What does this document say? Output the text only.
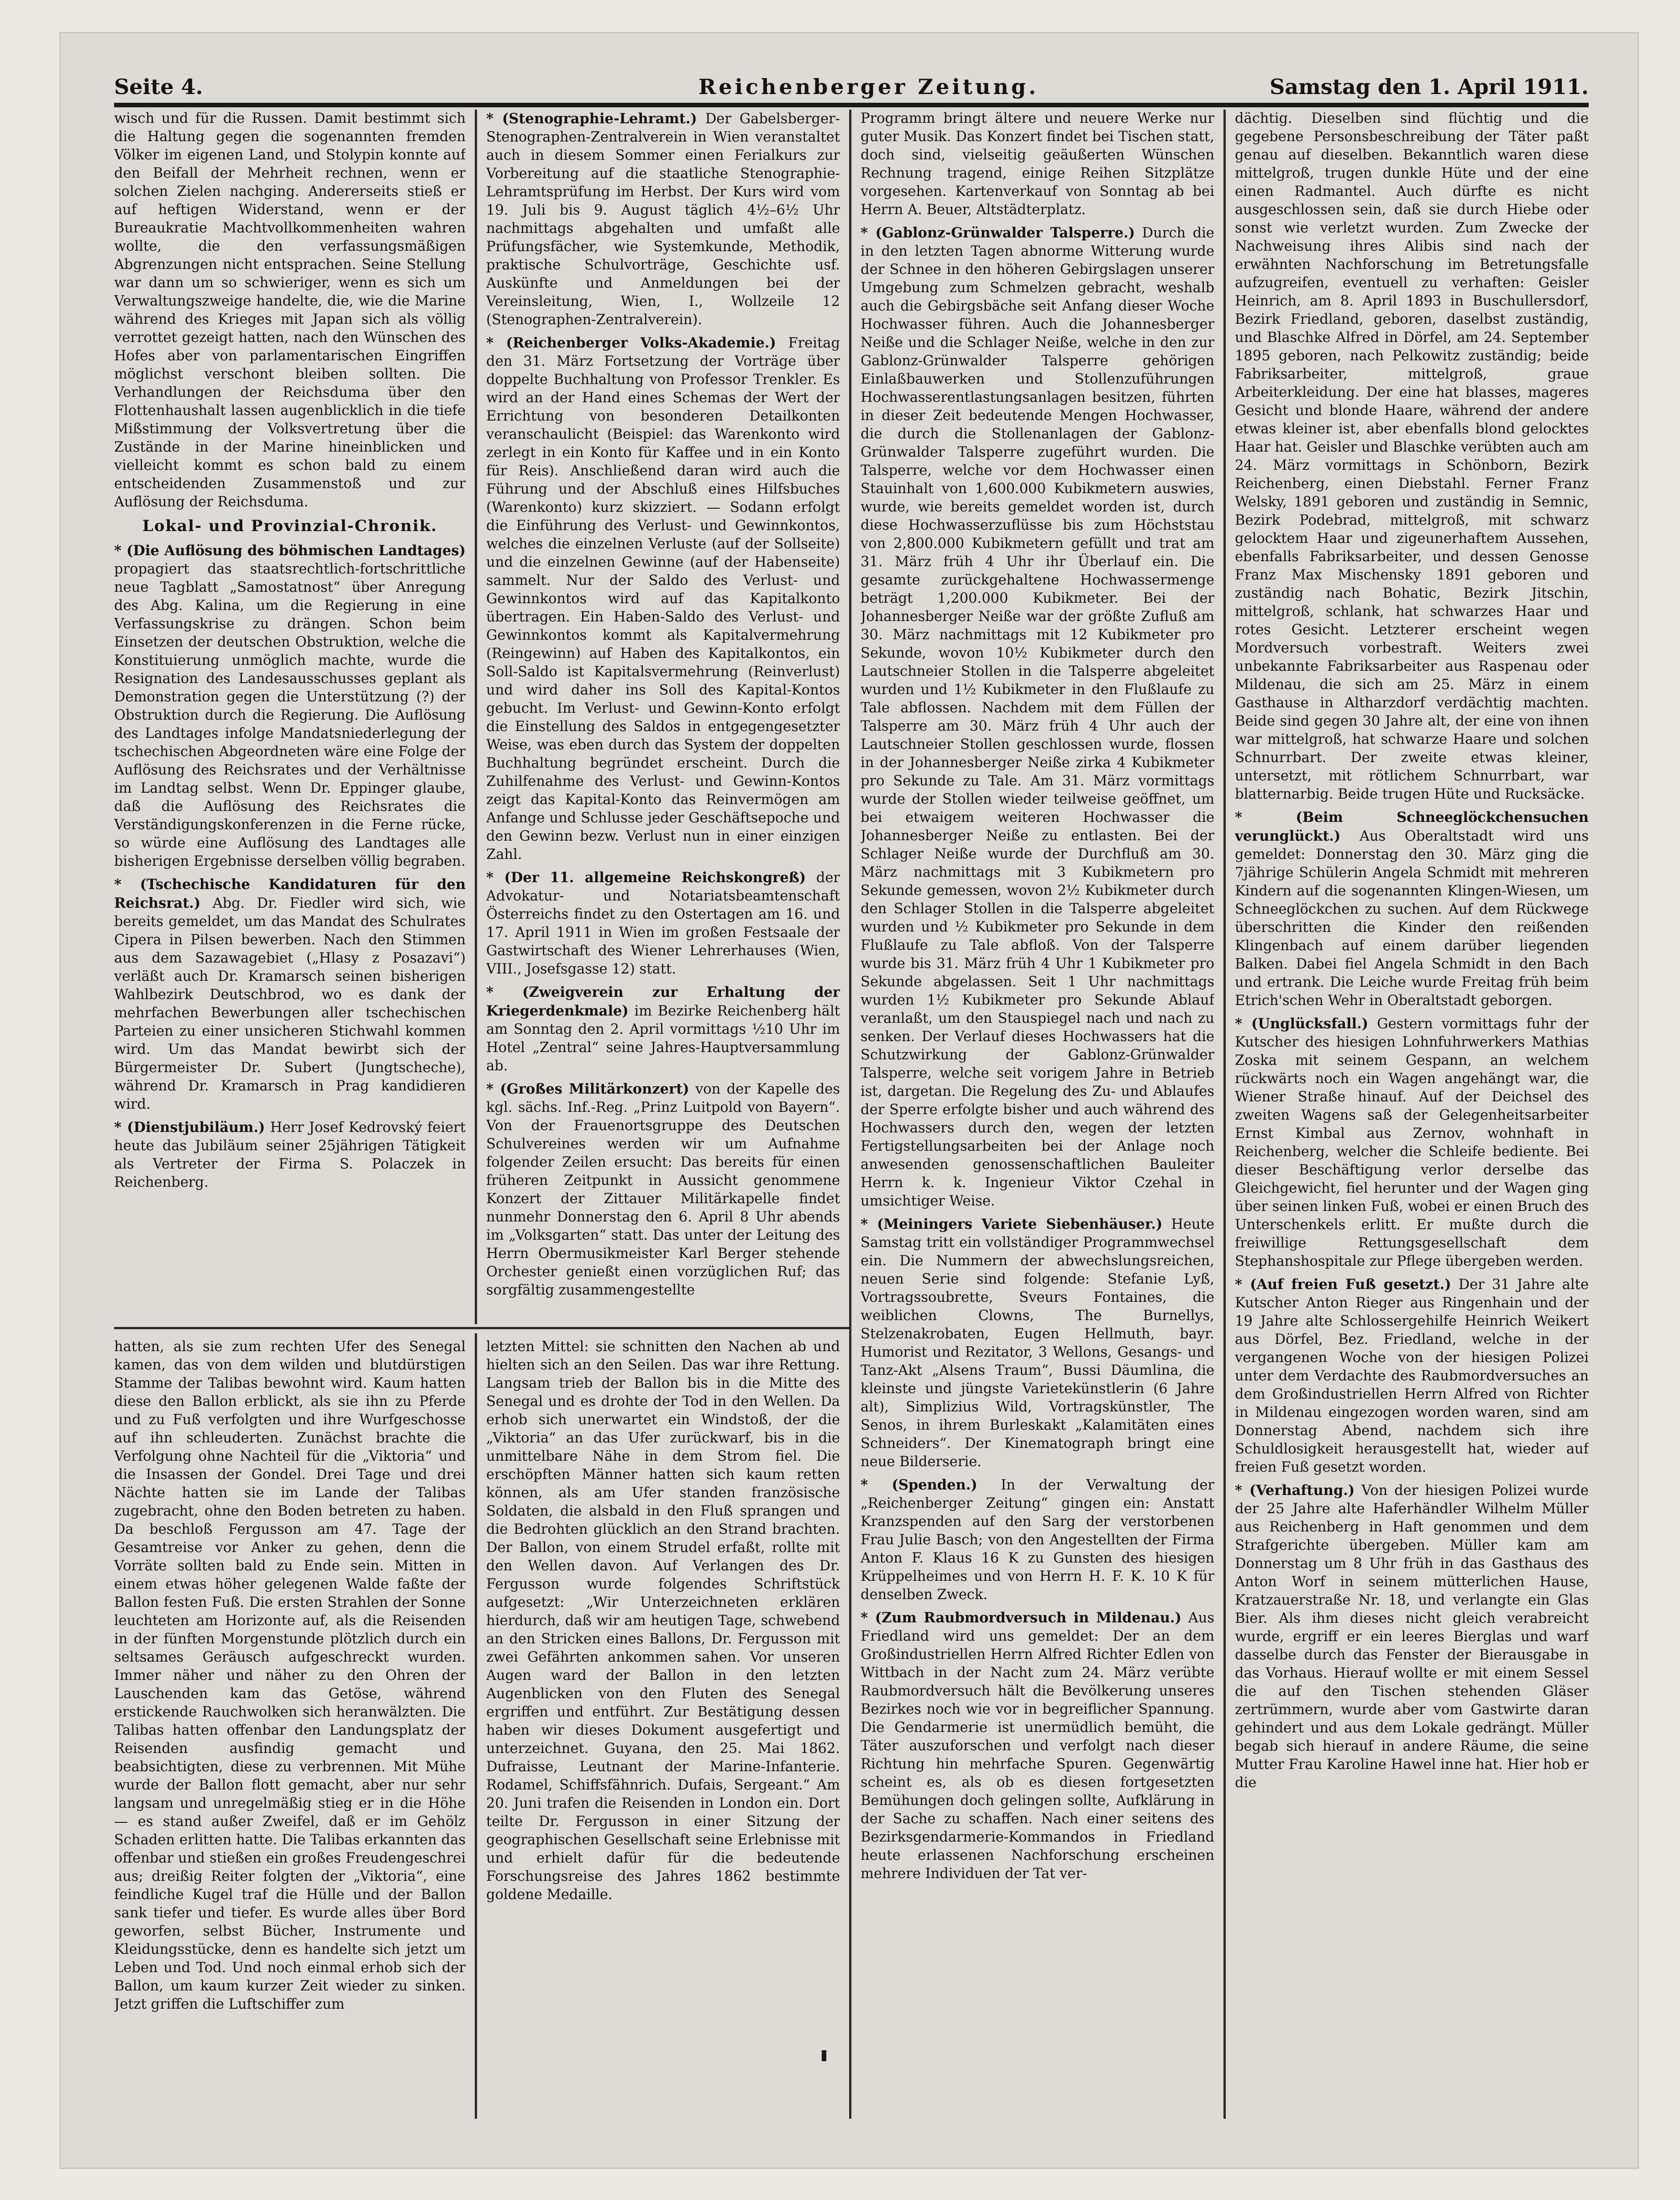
Seite 4.	Reichenberger Zeitung.	Samstag den 1. April 1911.

wisch und für die Russen. Damit bestimmt sich die Haltung gegen die sogenannten fremden Völker im eigenen Land, und Stolypin konnte auf den Beifall der Mehrheit rechnen, wenn er solchen Zielen nachging. Andererseits stieß er auf heftigen Widerstand, wenn er der Bureaukratie Machtvollkommenheiten wahren wollte, die den verfassungsmäßigen Abgrenzungen nicht entsprachen. Seine Stellung war dann um so schwieriger, wenn es sich um Verwaltungszweige handelte, die, wie die Marine während des Krieges mit Japan sich als völlig verrottet gezeigt hatten, nach den Wünschen des Hofes aber von parlamentarischen Eingriffen möglichst verschont bleiben sollten. Die Verhandlungen der Reichsduma über den Flottenhaushalt lassen augenblicklich in die tiefe Mißstimmung der Volksvertretung über die Zustände in der Marine hineinblicken und vielleicht kommt es schon bald zu einem entscheidenden Zusammenstoß und zur Auflösung der Reichsduma.

Lokal- und Provinzial-Chronik.

* (Die Auflösung des böhmischen Landtages) propagiert das staatsrechtlich-fortschrittliche neue Tagblatt „Samostatnost“ über Anregung des Abg. Kalina, um die Regierung in eine Verfassungskrise zu drängen. Schon beim Einsetzen der deutschen Obstruktion, welche die Konstituierung unmöglich machte, wurde die Resignation des Landesausschusses geplant als Demonstration gegen die Unterstützung (?) der Obstruktion durch die Regierung. Die Auflösung des Landtages infolge Mandatsniederlegung der tschechischen Abgeordneten wäre eine Folge der Auflösung des Reichsrates und der Verhältnisse im Landtag selbst. Wenn Dr. Eppinger glaube, daß die Auflösung des Reichsrates die Verständigungskonferenzen in die Ferne rücke, so würde eine Auflösung des Landtages alle bisherigen Ergebnisse derselben völlig begraben.

* (Tschechische Kandidaturen für den Reichsrat.) Abg. Dr. Fiedler wird sich, wie bereits gemeldet, um das Mandat des Schulrates Cipera in Pilsen bewerben. Nach den Stimmen aus dem Sazawagebiet („Hlasy z Posazavi“) verläßt auch Dr. Kramarsch seinen bisherigen Wahlbezirk Deutschbrod, wo es dank der mehrfachen Bewerbungen aller tschechischen Parteien zu einer unsicheren Stichwahl kommen wird. Um das Mandat bewirbt sich der Bürgermeister Dr. Subert (Jungtscheche), während Dr. Kramarsch in Prag kandidieren wird.

* (Dienstjubiläum.) Herr Josef Kedrovský feiert heute das Jubiläum seiner 25jährigen Tätigkeit als Vertreter der Firma S. Polaczek in Reichenberg.

* (Stenographie-Lehramt.) Der Gabelsberger-Stenographen-Zentralverein in Wien veranstaltet auch in diesem Sommer einen Ferialkurs zur Vorbereitung auf die staatliche Stenographie-Lehramtsprüfung im Herbst. Der Kurs wird vom 19. Juli bis 9. August täglich 4½–6½ Uhr nachmittags abgehalten und umfaßt alle Prüfungsfächer, wie Systemkunde, Methodik, praktische Schulvorträge, Geschichte usf. Auskünfte und Anmeldungen bei der Vereinsleitung, Wien, I., Wollzeile 12 (Stenographen-Zentralverein).

* (Reichenberger Volks-Akademie.) Freitag den 31. März Fortsetzung der Vorträge über doppelte Buchhaltung von Professor Trenkler. Es wird an der Hand eines Schemas der Wert der Errichtung von besonderen Detailkonten veranschaulicht (Beispiel: das Warenkonto wird zerlegt in ein Konto für Kaffee und in ein Konto für Reis). Anschließend daran wird auch die Führung und der Abschluß eines Hilfsbuches (Warenkonto) kurz skizziert. — Sodann erfolgt die Einführung des Verlust- und Gewinnkontos, welches die einzelnen Verluste (auf der Sollseite) und die einzelnen Gewinne (auf der Habenseite) sammelt. Nur der Saldo des Verlust- und Gewinnkontos wird auf das Kapitalkonto übertragen. Ein Haben-Saldo des Verlust- und Gewinnkontos kommt als Kapitalvermehrung (Reingewinn) auf Haben des Kapitalkontos, ein Soll-Saldo ist Kapitalsvermehrung (Reinverlust) und wird daher ins Soll des Kapital-Kontos gebucht. Im Verlust- und Gewinn-Konto erfolgt die Einstellung des Saldos in entgegengesetzter Weise, was eben durch das System der doppelten Buchhaltung begründet erscheint. Durch die Zuhilfenahme des Verlust- und Gewinn-Kontos zeigt das Kapital-Konto das Reinvermögen am Anfange und Schlusse jeder Geschäftsepoche und den Gewinn bezw. Verlust nun in einer einzigen Zahl.

* (Der 11. allgemeine Reichskongreß) der Advokatur- und Notariatsbeamtenschaft Österreichs findet zu den Ostertagen am 16. und 17. April 1911 in Wien im großen Festsaale der Gastwirtschaft des Wiener Lehrerhauses (Wien, VIII., Josefsgasse 12) statt.

* (Zweigverein zur Erhaltung der Kriegerdenkmale) im Bezirke Reichenberg hält am Sonntag den 2. April vormittags ½10 Uhr im Hotel „Zentral“ seine Jahres-Hauptversammlung ab.

* (Großes Militärkonzert) von der Kapelle des kgl. sächs. Inf.-Reg. „Prinz Luitpold von Bayern“. Von der Frauenortsgruppe des Deutschen Schulvereines werden wir um Aufnahme folgender Zeilen ersucht: Das bereits für einen früheren Zeitpunkt in Aussicht genommene Konzert der Zittauer Militärkapelle findet nunmehr Donnerstag den 6. April 8 Uhr abends im „Volksgarten“ statt. Das unter der Leitung des Herrn Obermusikmeister Karl Berger stehende Orchester genießt einen vorzüglichen Ruf; das sorgfältig zusammengestellte

Programm bringt ältere und neuere Werke nur guter Musik. Das Konzert findet bei Tischen statt, doch sind, vielseitig geäußerten Wünschen Rechnung tragend, einige Reihen Sitzplätze vorgesehen. Kartenverkauf von Sonntag ab bei Herrn A. Beuer, Altstädterplatz.

* (Gablonz-Grünwalder Talsperre.) Durch die in den letzten Tagen abnorme Witterung wurde der Schnee in den höheren Gebirgslagen unserer Umgebung zum Schmelzen gebracht, weshalb auch die Gebirgsbäche seit Anfang dieser Woche Hochwasser führen. Auch die Johannesberger Neiße und die Schlager Neiße, welche in den zur Gablonz-Grünwalder Talsperre gehörigen Einlaßbauwerken und Stollenzuführungen Hochwasserentlastungsanlagen besitzen, führten in dieser Zeit bedeutende Mengen Hochwasser, die durch die Stollenanlagen der Gablonz-Grünwalder Talsperre zugeführt wurden. Die Talsperre, welche vor dem Hochwasser einen Stauinhalt von 1,600.000 Kubikmetern auswies, wurde, wie bereits gemeldet worden ist, durch diese Hochwasserzuflüsse bis zum Höchststau von 2,800.000 Kubikmetern gefüllt und trat am 31. März früh 4 Uhr ihr Überlauf ein. Die gesamte zurückgehaltene Hochwassermenge beträgt 1,200.000 Kubikmeter. Bei der Johannesberger Neiße war der größte Zufluß am 30. März nachmittags mit 12 Kubikmeter pro Sekunde, wovon 10½ Kubikmeter durch den Lautschneier Stollen in die Talsperre abgeleitet wurden und 1½ Kubikmeter in den Flußlaufe zu Tale abflossen. Nachdem mit dem Füllen der Talsperre am 30. März früh 4 Uhr auch der Lautschneier Stollen geschlossen wurde, flossen in der Johannesberger Neiße zirka 4 Kubikmeter pro Sekunde zu Tale. Am 31. März vormittags wurde der Stollen wieder teilweise geöffnet, um bei etwaigem weiteren Hochwasser die Johannesberger Neiße zu entlasten. Bei der Schlager Neiße wurde der Durchfluß am 30. März nachmittags mit 3 Kubikmetern pro Sekunde gemessen, wovon 2½ Kubikmeter durch den Schlager Stollen in die Talsperre abgeleitet wurden und ½ Kubikmeter pro Sekunde in dem Flußlaufe zu Tale abfloß. Von der Talsperre wurde bis 31. März früh 4 Uhr 1 Kubikmeter pro Sekunde abgelassen. Seit 1 Uhr nachmittags wurden 1½ Kubikmeter pro Sekunde Ablauf veranlaßt, um den Stauspiegel nach und nach zu senken. Der Verlauf dieses Hochwassers hat die Schutzwirkung der Gablonz-Grünwalder Talsperre, welche seit vorigem Jahre in Betrieb ist, dargetan. Die Regelung des Zu- und Ablaufes der Sperre erfolgte bisher und auch während des Hochwassers durch den, wegen der letzten Fertigstellungsarbeiten bei der Anlage noch anwesenden genossenschaftlichen Bauleiter Herrn k. k. Ingenieur Viktor Czehal in umsichtiger Weise.

* (Meiningers Variete Siebenhäuser.) Heute Samstag tritt ein vollständiger Programmwechsel ein. Die Nummern der abwechslungsreichen, neuen Serie sind folgende: Stefanie Lyß, Vortragssoubrette, Sveurs Fontaines, die weiblichen Clowns, The Burnellys, Stelzenakrobaten, Eugen Hellmuth, bayr. Humorist und Rezitator, 3 Wellons, Gesangs- und Tanz-Akt „Alsens Traum“, Bussi Däumlina, die kleinste und jüngste Varietekünstlerin (6 Jahre alt), Simplizius Wild, Vortragskünstler, The Senos, in ihrem Burleskakt „Kalamitäten eines Schneiders“. Der Kinematograph bringt eine neue Bilderserie.

* (Spenden.) In der Verwaltung der „Reichenberger Zeitung“ gingen ein: Anstatt Kranzspenden auf den Sarg der verstorbenen Frau Julie Basch; von den Angestellten der Firma Anton F. Klaus 16 K zu Gunsten des hiesigen Krüppelheimes und von Herrn H. F. K. 10 K für denselben Zweck.

* (Zum Raubmordversuch in Mildenau.) Aus Friedland wird uns gemeldet: Der an dem Großindustriellen Herrn Alfred Richter Edlen von Wittbach in der Nacht zum 24. März verübte Raubmordversuch hält die Bevölkerung unseres Bezirkes noch wie vor in begreiflicher Spannung. Die Gendarmerie ist unermüdlich bemüht, die Täter auszuforschen und verfolgt nach dieser Richtung hin mehrfache Spuren. Gegenwärtig scheint es, als ob es diesen fortgesetzten Bemühungen doch gelingen sollte, Aufklärung in der Sache zu schaffen. Nach einer seitens des Bezirksgendarmerie-Kommandos in Friedland heute erlassenen Nachforschung erscheinen mehrere Individuen der Tat ver-

dächtig. Dieselben sind flüchtig und die gegebene Personsbeschreibung der Täter paßt genau auf dieselben. Bekanntlich waren diese mittelgroß, trugen dunkle Hüte und der eine einen Radmantel. Auch dürfte es nicht ausgeschlossen sein, daß sie durch Hiebe oder sonst wie verletzt wurden. Zum Zwecke der Nachweisung ihres Alibis sind nach der erwähnten Nachforschung im Betretungsfalle aufzugreifen, eventuell zu verhaften: Geisler Heinrich, am 8. April 1893 in Buschullersdorf, Bezirk Friedland, geboren, daselbst zuständig, und Blaschke Alfred in Dörfel, am 24. September 1895 geboren, nach Pelkowitz zuständig; beide Fabriksarbeiter, mittelgroß, graue Arbeiterkleidung. Der eine hat blasses, mageres Gesicht und blonde Haare, während der andere etwas kleiner ist, aber ebenfalls blond gelocktes Haar hat. Geisler und Blaschke verübten auch am 24. März vormittags in Schönborn, Bezirk Reichenberg, einen Diebstahl. Ferner Franz Welsky, 1891 geboren und zuständig in Semnic, Bezirk Podebrad, mittelgroß, mit schwarz gelocktem Haar und zigeunerhaftem Aussehen, ebenfalls Fabriksarbeiter, und dessen Genosse Franz Max Mischensky 1891 geboren und zuständig nach Bohatic, Bezirk Jitschin, mittelgroß, schlank, hat schwarzes Haar und rotes Gesicht. Letzterer erscheint wegen Mordversuch vorbestraft. Weiters zwei unbekannte Fabriksarbeiter aus Raspenau oder Mildenau, die sich am 25. März in einem Gasthause in Altharzdorf verdächtig machten. Beide sind gegen 30 Jahre alt, der eine von ihnen war mittelgroß, hat schwarze Haare und solchen Schnurrbart. Der zweite etwas kleiner, untersetzt, mit rötlichem Schnurrbart, war blatternarbig. Beide trugen Hüte und Rucksäcke.

* (Beim Schneeglöckchensuchen verunglückt.) Aus Oberaltstadt wird uns gemeldet: Donnerstag den 30. März ging die 7jährige Schülerin Angela Schmidt mit mehreren Kindern auf die sogenannten Klingen-Wiesen, um Schneeglöckchen zu suchen. Auf dem Rückwege überschritten die Kinder den reißenden Klingenbach auf einem darüber liegenden Balken. Dabei fiel Angela Schmidt in den Bach und ertrank. Die Leiche wurde Freitag früh beim Etrich'schen Wehr in Oberaltstadt geborgen.

* (Unglücksfall.) Gestern vormittags fuhr der Kutscher des hiesigen Lohnfuhrwerkers Mathias Zoska mit seinem Gespann, an welchem rückwärts noch ein Wagen angehängt war, die Wiener Straße hinauf. Auf der Deichsel des zweiten Wagens saß der Gelegenheitsarbeiter Ernst Kimbal aus Zernov, wohnhaft in Reichenberg, welcher die Schleife bediente. Bei dieser Beschäftigung verlor derselbe das Gleichgewicht, fiel herunter und der Wagen ging über seinen linken Fuß, wobei er einen Bruch des Unterschenkels erlitt. Er mußte durch die freiwillige Rettungsgesellschaft dem Stephanshospitale zur Pflege übergeben werden.

* (Auf freien Fuß gesetzt.) Der 31 Jahre alte Kutscher Anton Rieger aus Ringenhain und der 19 Jahre alte Schlossergehilfe Heinrich Weikert aus Dörfel, Bez. Friedland, welche in der vergangenen Woche von der hiesigen Polizei unter dem Verdachte des Raubmordversuches an dem Großindustriellen Herrn Alfred von Richter in Mildenau eingezogen worden waren, sind am Donnerstag Abend, nachdem sich ihre Schuldlosigkeit herausgestellt hat, wieder auf freien Fuß gesetzt worden.

* (Verhaftung.) Von der hiesigen Polizei wurde der 25 Jahre alte Haferhändler Wilhelm Müller aus Reichenberg in Haft genommen und dem Strafgerichte übergeben. Müller kam am Donnerstag um 8 Uhr früh in das Gasthaus des Anton Worf in seinem mütterlichen Hause, Kratzauerstraße Nr. 18, und verlangte ein Glas Bier. Als ihm dieses nicht gleich verabreicht wurde, ergriff er ein leeres Bierglas und warf dasselbe durch das Fenster der Bierausgabe in das Vorhaus. Hierauf wollte er mit einem Sessel die auf den Tischen stehenden Gläser zertrümmern, wurde aber vom Gastwirte daran gehindert und aus dem Lokale gedrängt. Müller begab sich hierauf in andere Räume, die seine Mutter Frau Karoline Hawel inne hat. Hier hob er die

hatten, als sie zum rechten Ufer des Senegal kamen, das von dem wilden und blutdürstigen Stamme der Talibas bewohnt wird. Kaum hatten diese den Ballon erblickt, als sie ihn zu Pferde und zu Fuß verfolgten und ihre Wurfgeschosse auf ihn schleuderten. Zunächst brachte die Verfolgung ohne Nachteil für die „Viktoria“ und die Insassen der Gondel. Drei Tage und drei Nächte hatten sie im Lande der Talibas zugebracht, ohne den Boden betreten zu haben. Da beschloß Fergusson am 47. Tage der Gesamtreise vor Anker zu gehen, denn die Vorräte sollten bald zu Ende sein. Mitten in einem etwas höher gelegenen Walde faßte der Ballon festen Fuß. Die ersten Strahlen der Sonne leuchteten am Horizonte auf, als die Reisenden in der fünften Morgenstunde plötzlich durch ein seltsames Geräusch aufgeschreckt wurden. Immer näher und näher zu den Ohren der Lauschenden kam das Getöse, während erstickende Rauchwolken sich heranwälzten. Die Talibas hatten offenbar den Landungsplatz der Reisenden ausfindig gemacht und beabsichtigten, diese zu verbrennen. Mit Mühe wurde der Ballon flott gemacht, aber nur sehr langsam und unregelmäßig stieg er in die Höhe — es stand außer Zweifel, daß er im Gehölz Schaden erlitten hatte. Die Talibas erkannten das offenbar und stießen ein großes Freudengeschrei aus; dreißig Reiter folgten der „Viktoria“, eine feindliche Kugel traf die Hülle und der Ballon sank tiefer und tiefer. Es wurde alles über Bord geworfen, selbst Bücher, Instrumente und Kleidungsstücke, denn es handelte sich jetzt um Leben und Tod. Und noch einmal erhob sich der Ballon, um kaum kurzer Zeit wieder zu sinken. Jetzt griffen die Luftschiffer zum

letzten Mittel: sie schnitten den Nachen ab und hielten sich an den Seilen. Das war ihre Rettung. Langsam trieb der Ballon bis in die Mitte des Senegal und es drohte der Tod in den Wellen. Da erhob sich unerwartet ein Windstoß, der die „Viktoria“ an das Ufer zurückwarf, bis in die unmittelbare Nähe in dem Strom fiel. Die erschöpften Männer hatten sich kaum retten können, als am Ufer standen französische Soldaten, die alsbald in den Fluß sprangen und die Bedrohten glücklich an den Strand brachten. Der Ballon, von einem Strudel erfaßt, rollte mit den Wellen davon. Auf Verlangen des Dr. Fergusson wurde folgendes Schriftstück aufgesetzt: „Wir Unterzeichneten erklären hierdurch, daß wir am heutigen Tage, schwebend an den Stricken eines Ballons, Dr. Fergusson mit zwei Gefährten ankommen sahen. Vor unseren Augen ward der Ballon in den letzten Augenblicken von den Fluten des Senegal ergriffen und entführt. Zur Bestätigung dessen haben wir dieses Dokument ausgefertigt und unterzeichnet. Guyana, den 25. Mai 1862. Dufraisse, Leutnant der Marine-Infanterie. Rodamel, Schiffsfähnrich. Dufais, Sergeant.“ Am 20. Juni trafen die Reisenden in London ein. Dort teilte Dr. Fergusson in einer Sitzung der geographischen Gesellschaft seine Erlebnisse mit und erhielt dafür für die bedeutende Forschungsreise des Jahres 1862 bestimmte goldene Medaille.
